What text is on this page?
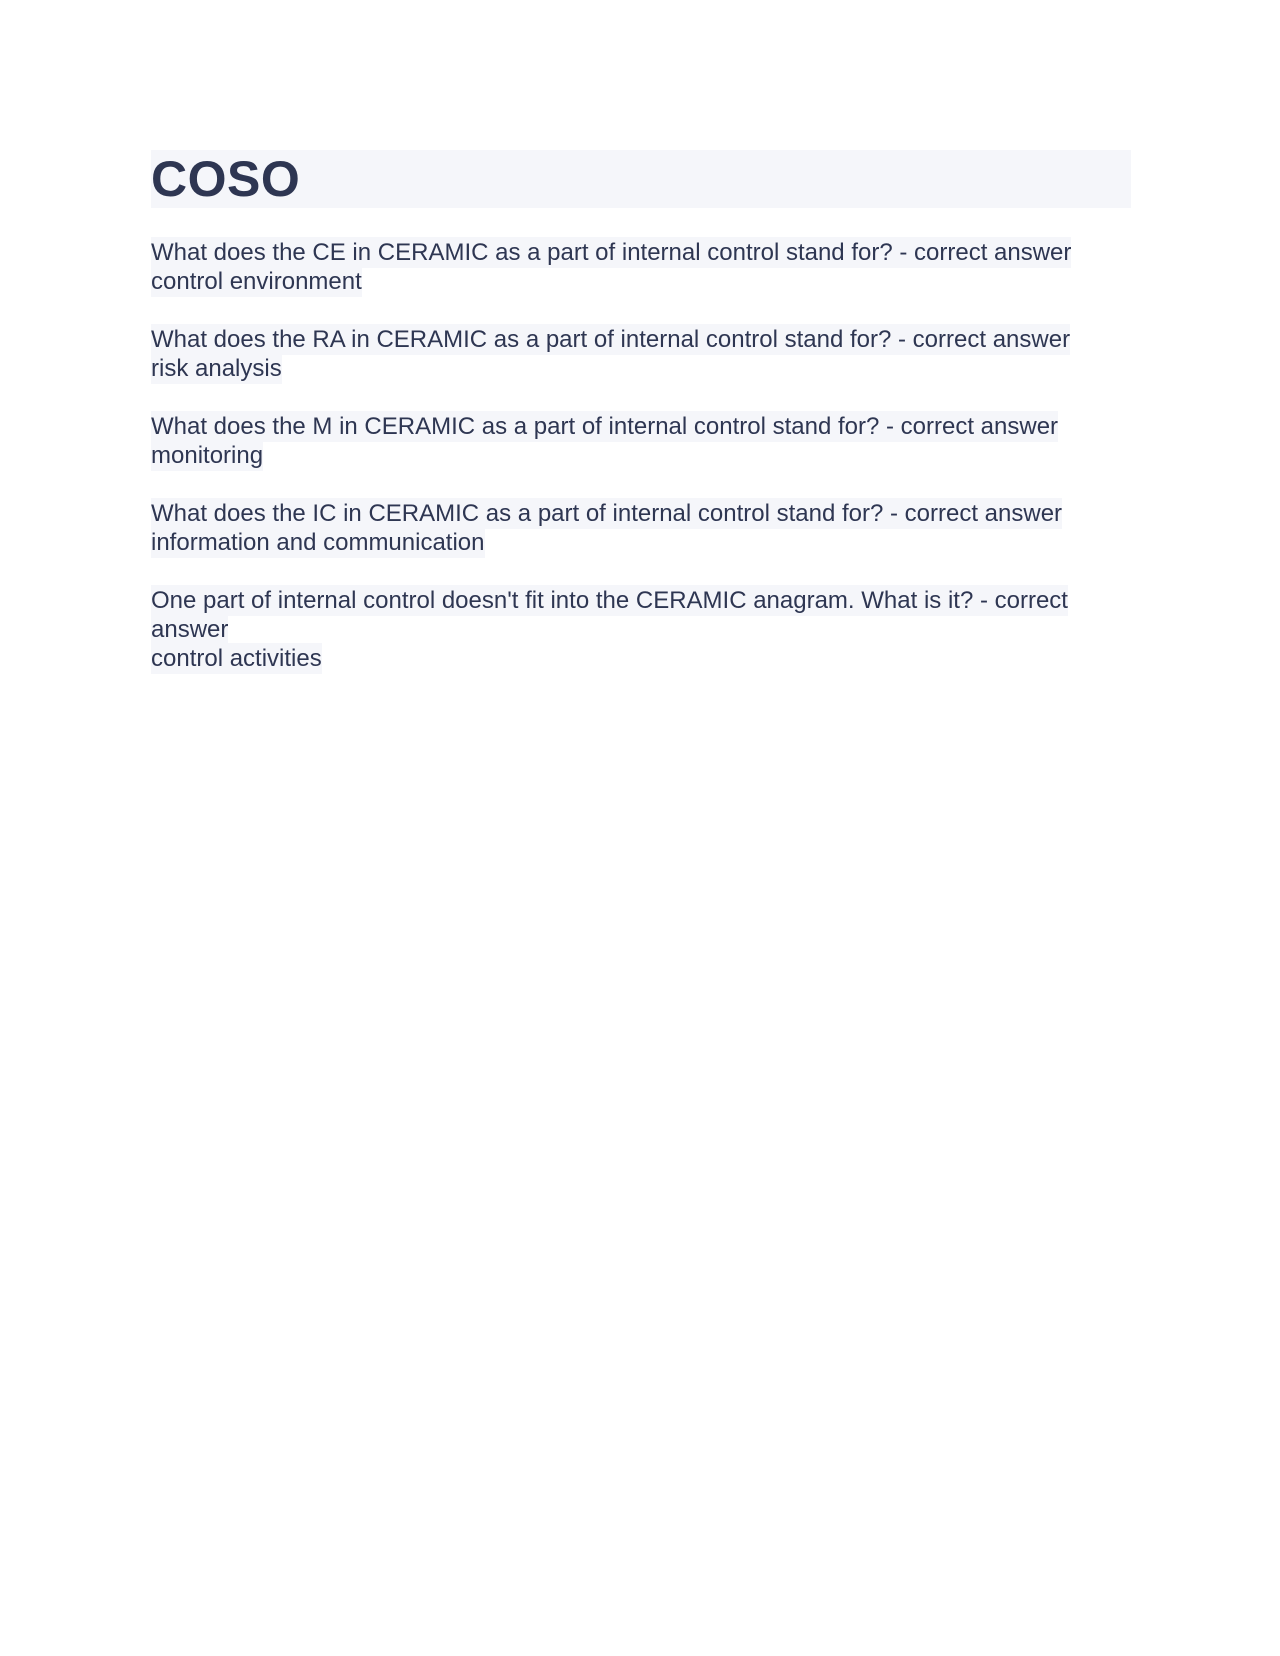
COSO

What does the CE in CERAMIC as a part of internal control stand for? - correct answer
control environment

What does the RA in CERAMIC as a part of internal control stand for? - correct answer
risk analysis

What does the M in CERAMIC as a part of internal control stand for? - correct answer
monitoring

What does the IC in CERAMIC as a part of internal control stand for? - correct answer
information and communication

One part of internal control doesn't fit into the CERAMIC anagram. What is it? - correct answer
control activities
